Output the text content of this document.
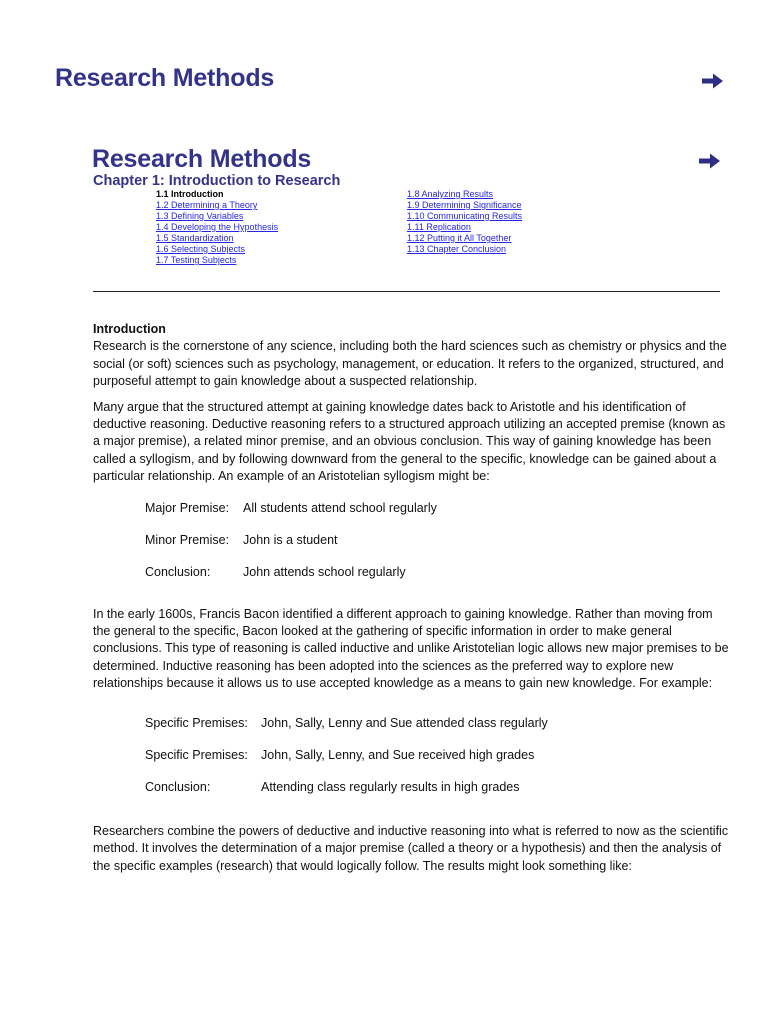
Research Methods
Research Methods
Chapter 1: Introduction to Research
1.1 Introduction
1.2 Determining a Theory
1.3 Defining Variables
1.4 Developing the Hypothesis
1.5 Standardization
1.6 Selecting Subjects
1.7 Testing Subjects
1.8 Analyzing Results
1.9 Determining Significance
1.10 Communicating Results
1.11 Replication
1.12 Putting it All Together
1.13 Chapter Conclusion
Introduction

Research is the cornerstone of any science, including both the hard sciences such as chemistry or physics and the social (or soft) sciences such as psychology, management, or education. It refers to the organized, structured, and purposeful attempt to gain knowledge about a suspected relationship.

Many argue that the structured attempt at gaining knowledge dates back to Aristotle and his identification of deductive reasoning. Deductive reasoning refers to a structured approach utilizing an accepted premise (known as a major premise), a related minor premise, and an obvious conclusion. This way of gaining knowledge has been called a syllogism, and by following downward from the general to the specific, knowledge can be gained about a particular relationship. An example of an Aristotelian syllogism might be:

Major Premise:	All students attend school regularly
Minor Premise:	John is a student
Conclusion:	John attends school regularly

In the early 1600s, Francis Bacon identified a different approach to gaining knowledge. Rather than moving from the general to the specific, Bacon looked at the gathering of specific information in order to make general conclusions. This type of reasoning is called inductive and unlike Aristotelian logic allows new major premises to be determined. Inductive reasoning has been adopted into the sciences as the preferred way to explore new relationships because it allows us to use accepted knowledge as a means to gain new knowledge. For example:

Specific Premises:	John, Sally, Lenny and Sue attended class regularly
Specific Premises:	John, Sally, Lenny, and Sue received high grades
Conclusion:	Attending class regularly results in high grades

Researchers combine the powers of deductive and inductive reasoning into what is referred to now as the scientific method. It involves the determination of a major premise (called a theory or a hypothesis) and then the analysis of the specific examples (research) that would logically follow. The results might look something like:
